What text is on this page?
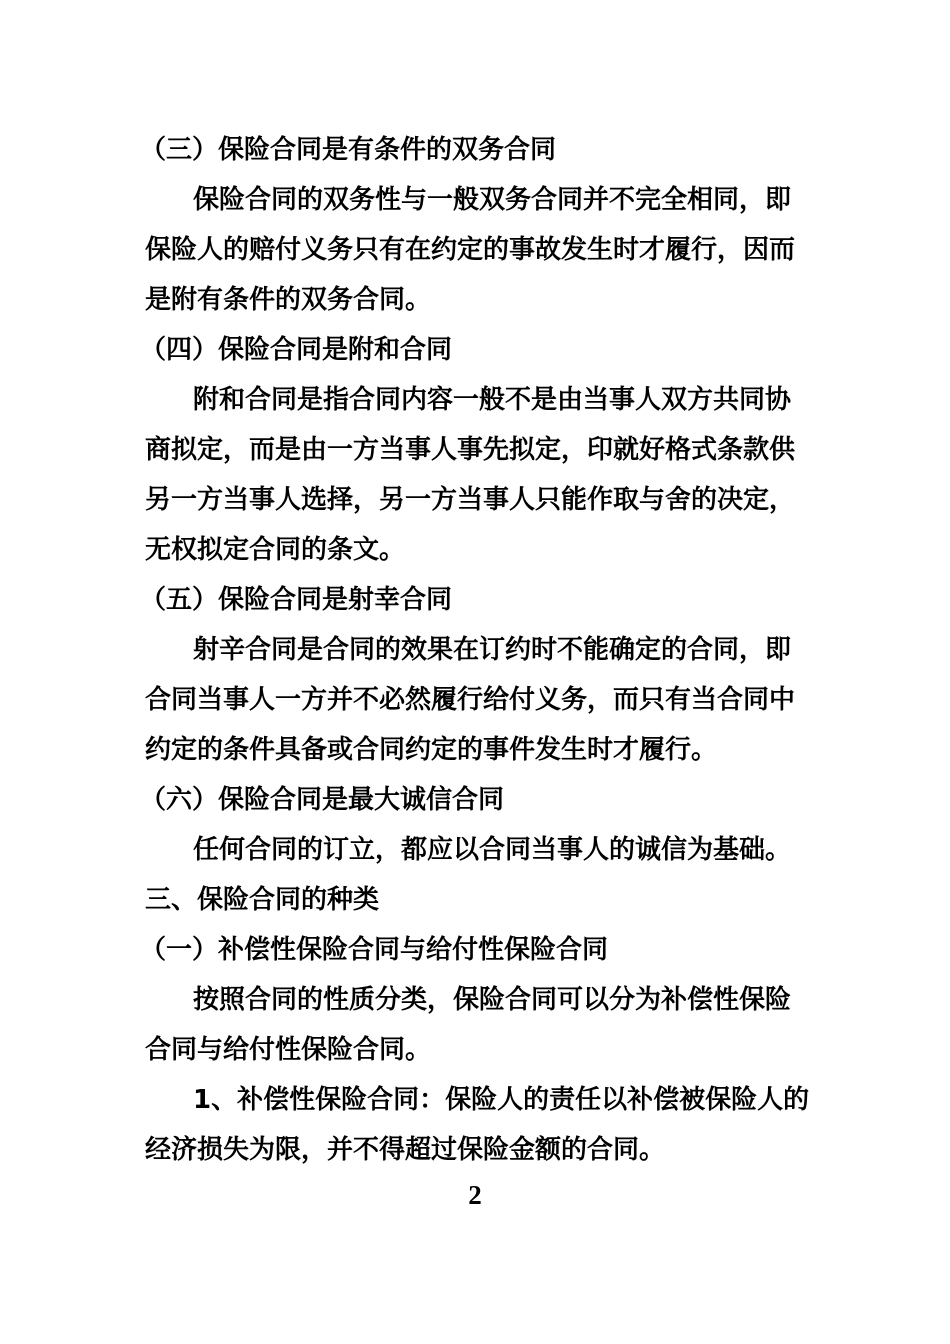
（三）保险合同是有条件的双务合同
保险合同的双务性与一般双务合同并不完全相同，即
保险人的赔付义务只有在约定的事故发生时才履行，因而
是附有条件的双务合同。
（四）保险合同是附和合同
附和合同是指合同内容一般不是由当事人双方共同协
商拟定，而是由一方当事人事先拟定，印就好格式条款供
另一方当事人选择，另一方当事人只能作取与舍的决定，
无权拟定合同的条文。
（五）保险合同是射幸合同
射辛合同是合同的效果在订约时不能确定的合同，即
合同当事人一方并不必然履行给付义务，而只有当合同中
约定的条件具备或合同约定的事件发生时才履行。
（六）保险合同是最大诚信合同
任何合同的订立，都应以合同当事人的诚信为基础。
三、保险合同的种类
（一）补偿性保险合同与给付性保险合同
按照合同的性质分类，保险合同可以分为补偿性保险
合同与给付性保险合同。
1、补偿性保险合同：保险人的责任以补偿被保险人的
经济损失为限，并不得超过保险金额的合同。
2
